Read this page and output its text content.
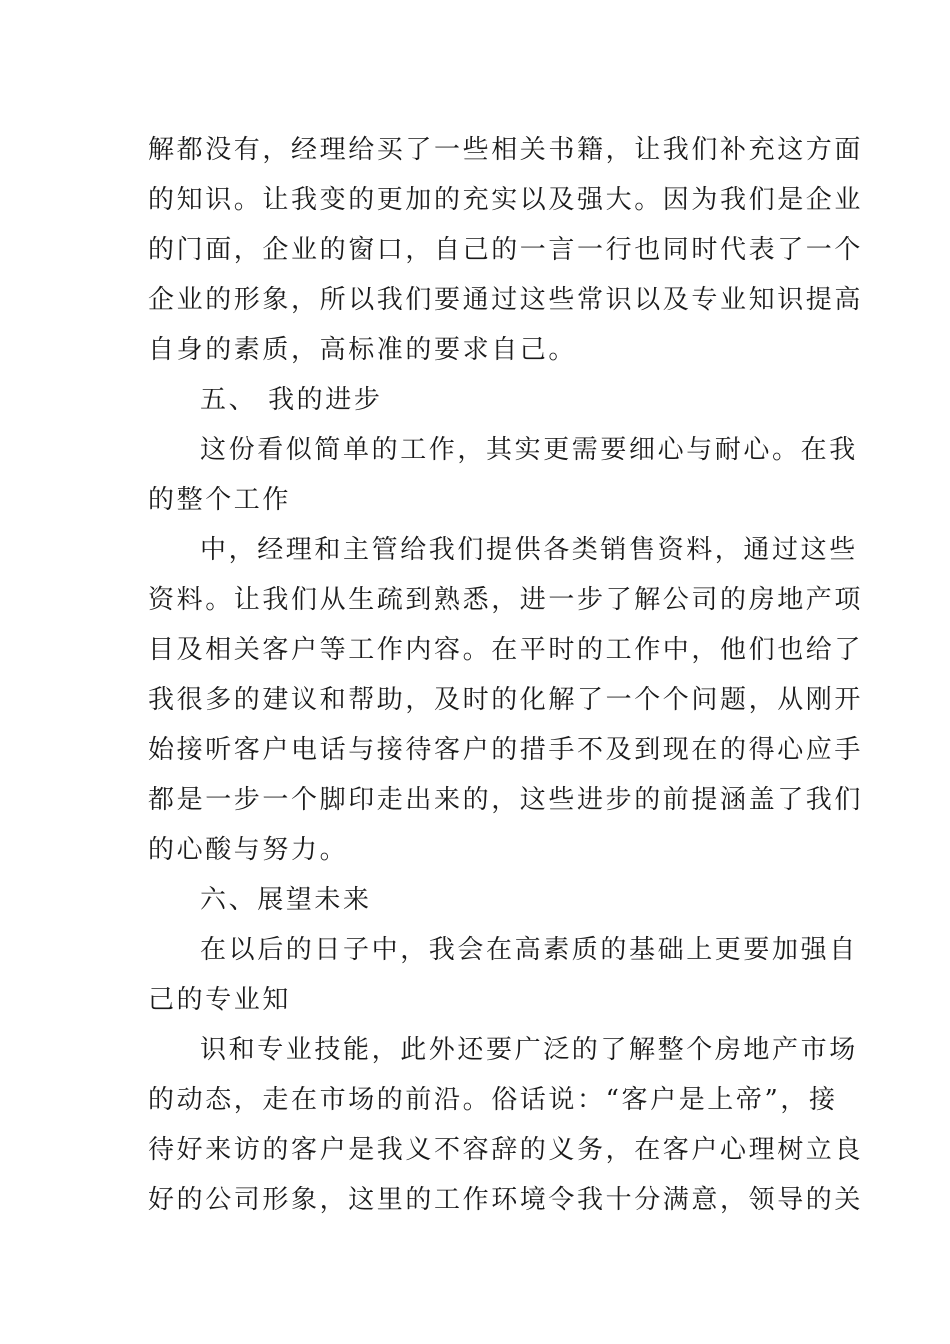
解都没有，经理给买了一些相关书籍，让我们补充这方面
的知识。让我变的更加的充实以及强大。因为我们是企业
的门面，企业的窗口，自己的一言一行也同时代表了一个
企业的形象，所以我们要通过这些常识以及专业知识提高
自身的素质，高标准的要求自己。
五、 我的进步
这份看似简单的工作，其实更需要细心与耐心。在我
的整个工作
中，经理和主管给我们提供各类销售资料，通过这些
资料。让我们从生疏到熟悉，进一步了解公司的房地产项
目及相关客户等工作内容。在平时的工作中，他们也给了
我很多的建议和帮助，及时的化解了一个个问题，从刚开
始接听客户电话与接待客户的措手不及到现在的得心应手
都是一步一个脚印走出来的，这些进步的前提涵盖了我们
的心酸与努力。
六、展望未来
在以后的日子中，我会在高素质的基础上更要加强自
己的专业知
识和专业技能，此外还要广泛的了解整个房地产市场
的动态，走在市场的前沿。俗话说：“客户是上帝”，接
待好来访的客户是我义不容辞的义务，在客户心理树立良
好的公司形象，这里的工作环境令我十分满意，领导的关
